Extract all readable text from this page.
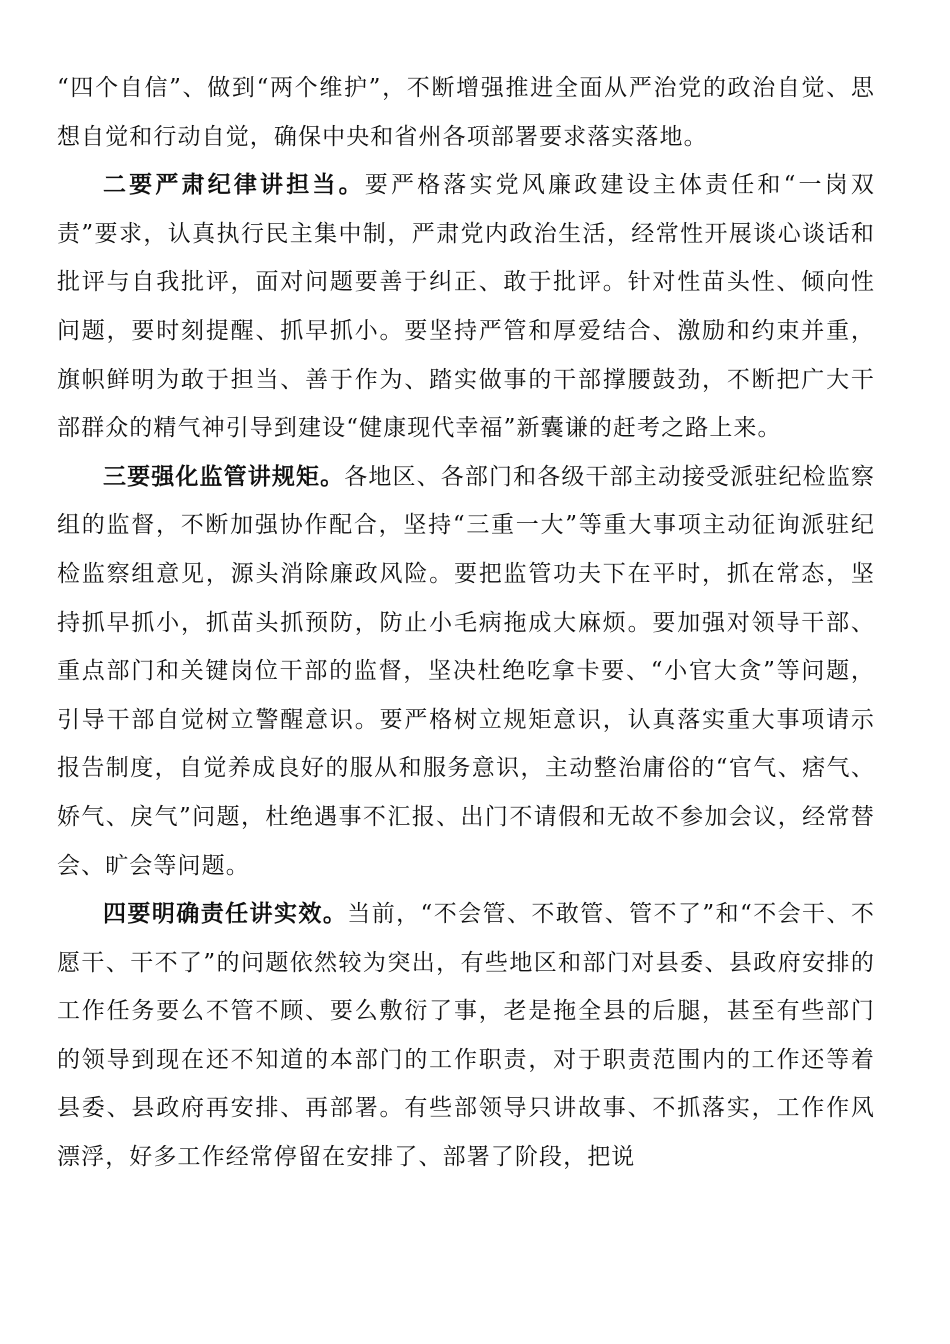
“四个自信”、做到“两个维护”，不断增强推进全面从严治党的政治自觉、思想自觉和行动自觉，确保中央和省州各项部署要求落实落地。

二要严肃纪律讲担当。要严格落实党风廉政建设主体责任和“一岗双责”要求，认真执行民主集中制，严肃党内政治生活，经常性开展谈心谈话和批评与自我批评，面对问题要善于纠正、敢于批评。针对性苗头性、倾向性问题，要时刻提醒、抓早抓小。要坚持严管和厚爱结合、激励和约束并重，旗帜鲜明为敢于担当、善于作为、踏实做事的干部撑腰鼓劲，不断把广大干部群众的精气神引导到建设“健康现代幸福”新囊谦的赶考之路上来。

三要强化监管讲规矩。各地区、各部门和各级干部主动接受派驻纪检监察组的监督，不断加强协作配合，坚持“三重一大”等重大事项主动征询派驻纪检监察组意见，源头消除廉政风险。要把监管功夫下在平时，抓在常态，坚持抓早抓小，抓苗头抓预防，防止小毛病拖成大麻烦。要加强对领导干部、重点部门和关键岗位干部的监督，坚决杜绝吃拿卡要、“小官大贪”等问题，引导干部自觉树立警醒意识。要严格树立规矩意识，认真落实重大事项请示报告制度，自觉养成良好的服从和服务意识，主动整治庸俗的“官气、痞气、娇气、戾气”问题，杜绝遇事不汇报、出门不请假和无故不参加会议，经常替会、旷会等问题。

四要明确责任讲实效。当前，“不会管、不敢管、管不了”和“不会干、不愿干、干不了”的问题依然较为突出，有些地区和部门对县委、县政府安排的工作任务要么不管不顾、要么敷衍了事，老是拖全县的后腿，甚至有些部门的领导到现在还不知道的本部门的工作职责，对于职责范围内的工作还等着县委、县政府再安排、再部署。有些部领导只讲故事、不抓落实，工作作风漂浮，好多工作经常停留在安排了、部署了阶段，把说
